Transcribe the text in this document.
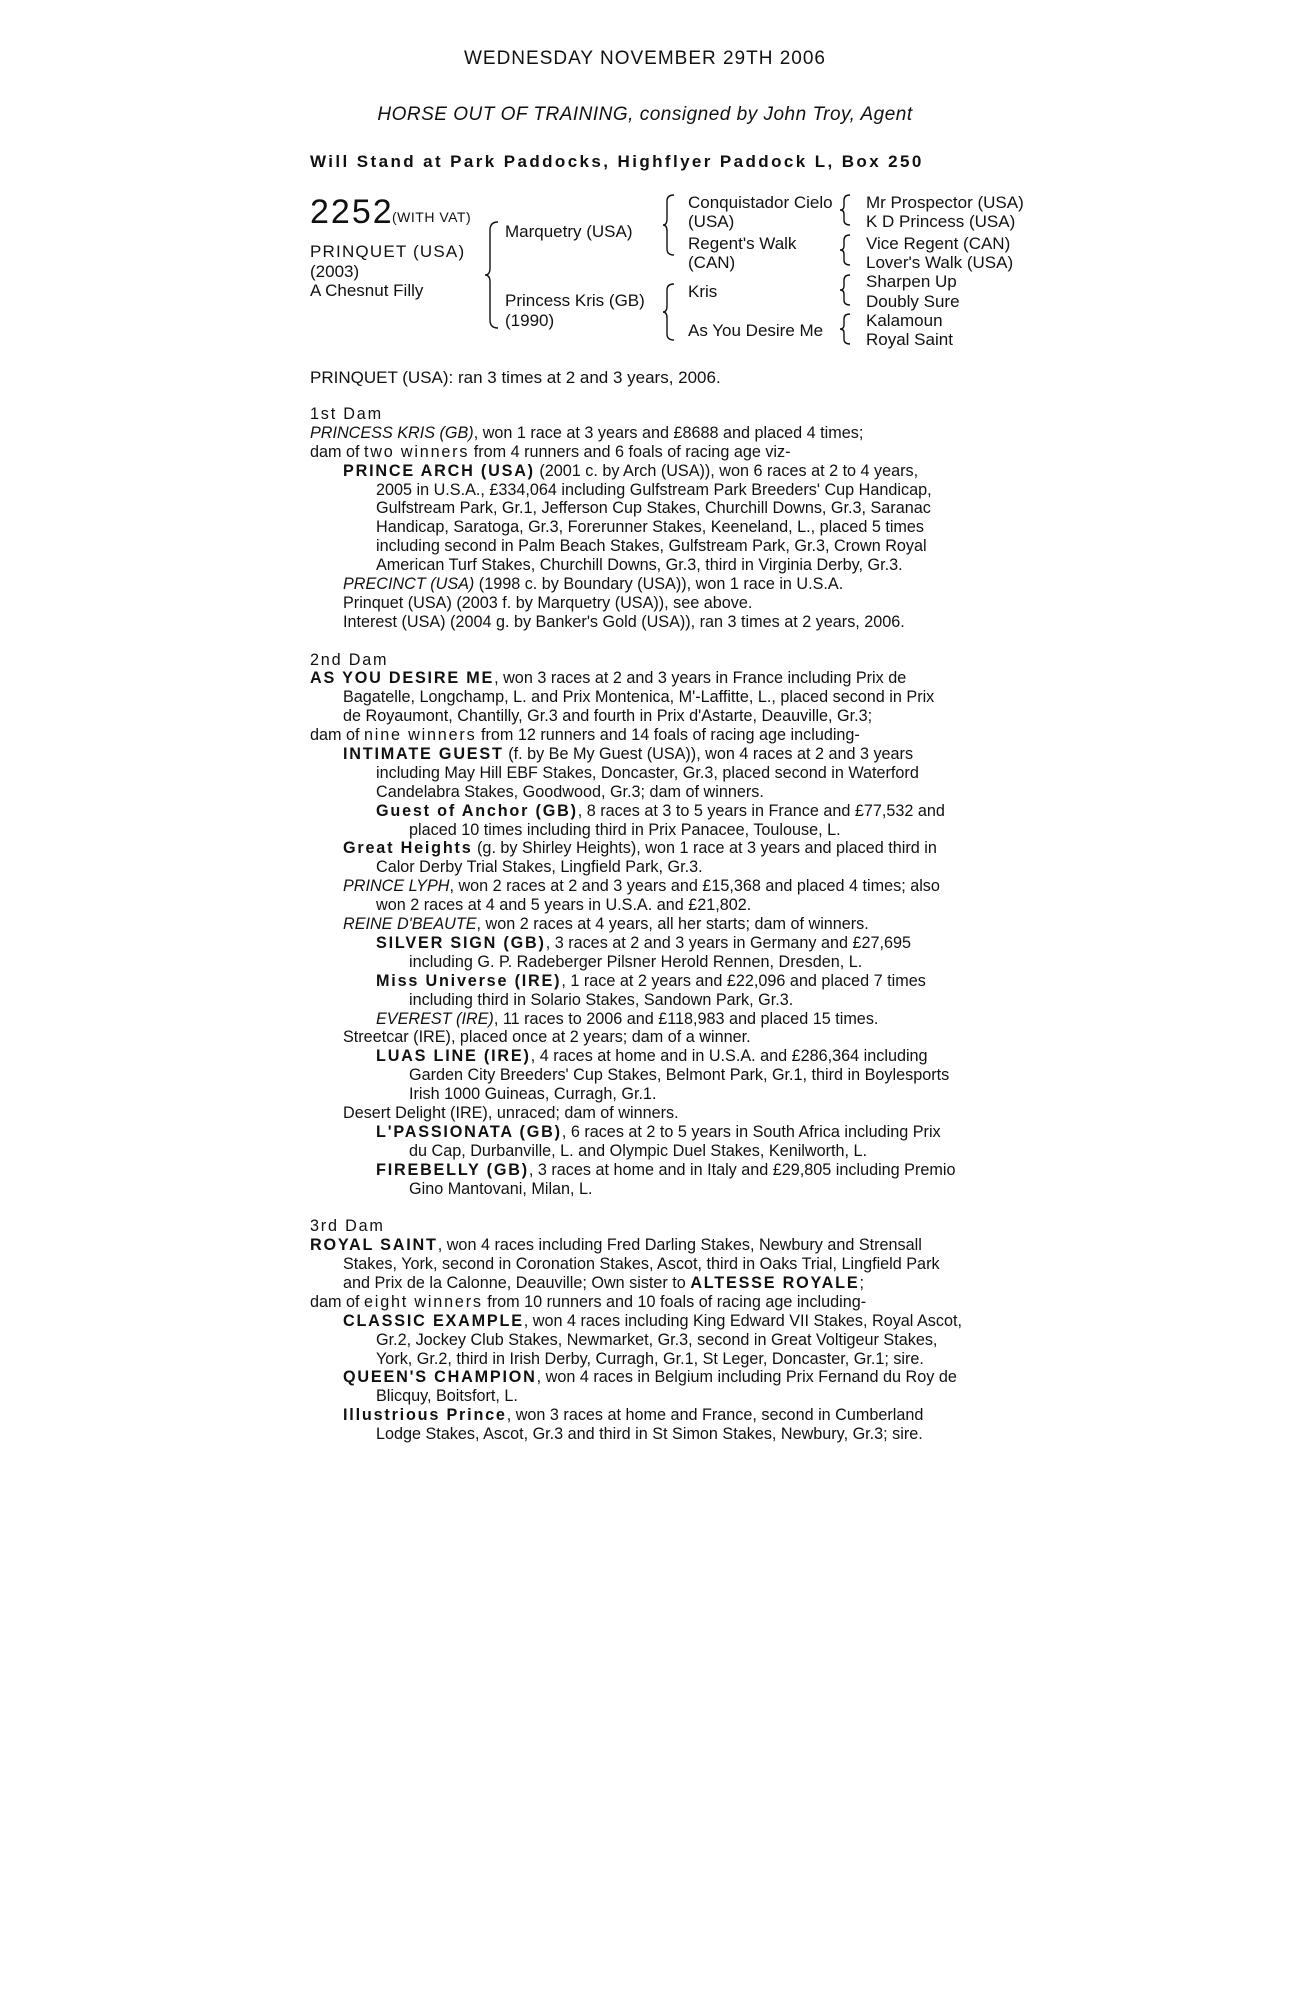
WEDNESDAY NOVEMBER 29TH 2006
HORSE OUT OF TRAINING, consigned by John Troy, Agent
Will Stand at Park Paddocks, Highflyer Paddock L, Box 250
2252
(WITH VAT)
PRINQUET (USA)
(2003)
A Chesnut Filly
Marquetry (USA)
Princess Kris (GB)
(1990)
Conquistador Cielo
(USA)
Regent's Walk
(CAN)
Kris
As You Desire Me
Mr Prospector (USA)
K D Princess (USA)
Vice Regent (CAN)
Lover's Walk (USA)
Sharpen Up
Doubly Sure
Kalamoun
Royal Saint
PRINQUET (USA): ran 3 times at 2 and 3 years, 2006.
1st Dam
PRINCESS KRIS (GB), won 1 race at 3 years and £8688 and placed 4 times;
dam of two winners from 4 runners and 6 foals of racing age viz-
PRINCE ARCH (USA) (2001 c. by Arch (USA)), won 6 races at 2 to 4 years,
2005 in U.S.A., £334,064 including Gulfstream Park Breeders' Cup Handicap,
Gulfstream Park, Gr.1, Jefferson Cup Stakes, Churchill Downs, Gr.3, Saranac
Handicap, Saratoga, Gr.3, Forerunner Stakes, Keeneland, L., placed 5 times
including second in Palm Beach Stakes, Gulfstream Park, Gr.3, Crown Royal
American Turf Stakes, Churchill Downs, Gr.3, third in Virginia Derby, Gr.3.
PRECINCT (USA) (1998 c. by Boundary (USA)), won 1 race in U.S.A.
Prinquet (USA) (2003 f. by Marquetry (USA)), see above.
Interest (USA) (2004 g. by Banker's Gold (USA)), ran 3 times at 2 years, 2006.
2nd Dam
AS YOU DESIRE ME, won 3 races at 2 and 3 years in France including Prix de
Bagatelle, Longchamp, L. and Prix Montenica, M'-Laffitte, L., placed second in Prix
de Royaumont, Chantilly, Gr.3 and fourth in Prix d'Astarte, Deauville, Gr.3;
dam of nine winners from 12 runners and 14 foals of racing age including-
INTIMATE GUEST (f. by Be My Guest (USA)), won 4 races at 2 and 3 years
including May Hill EBF Stakes, Doncaster, Gr.3, placed second in Waterford
Candelabra Stakes, Goodwood, Gr.3; dam of winners.
Guest of Anchor (GB), 8 races at 3 to 5 years in France and £77,532 and
placed 10 times including third in Prix Panacee, Toulouse, L.
Great Heights (g. by Shirley Heights), won 1 race at 3 years and placed third in
Calor Derby Trial Stakes, Lingfield Park, Gr.3.
PRINCE LYPH, won 2 races at 2 and 3 years and £15,368 and placed 4 times; also
won 2 races at 4 and 5 years in U.S.A. and £21,802.
REINE D'BEAUTE, won 2 races at 4 years, all her starts; dam of winners.
SILVER SIGN (GB), 3 races at 2 and 3 years in Germany and £27,695
including G. P. Radeberger Pilsner Herold Rennen, Dresden, L.
Miss Universe (IRE), 1 race at 2 years and £22,096 and placed 7 times
including third in Solario Stakes, Sandown Park, Gr.3.
EVEREST (IRE), 11 races to 2006 and £118,983 and placed 15 times.
Streetcar (IRE), placed once at 2 years; dam of a winner.
LUAS LINE (IRE), 4 races at home and in U.S.A. and £286,364 including
Garden City Breeders' Cup Stakes, Belmont Park, Gr.1, third in Boylesports
Irish 1000 Guineas, Curragh, Gr.1.
Desert Delight (IRE), unraced; dam of winners.
L'PASSIONATA (GB), 6 races at 2 to 5 years in South Africa including Prix
du Cap, Durbanville, L. and Olympic Duel Stakes, Kenilworth, L.
FIREBELLY (GB), 3 races at home and in Italy and £29,805 including Premio
Gino Mantovani, Milan, L.
3rd Dam
ROYAL SAINT, won 4 races including Fred Darling Stakes, Newbury and Strensall
Stakes, York, second in Coronation Stakes, Ascot, third in Oaks Trial, Lingfield Park
and Prix de la Calonne, Deauville; Own sister to ALTESSE ROYALE;
dam of eight winners from 10 runners and 10 foals of racing age including-
CLASSIC EXAMPLE, won 4 races including King Edward VII Stakes, Royal Ascot,
Gr.2, Jockey Club Stakes, Newmarket, Gr.3, second in Great Voltigeur Stakes,
York, Gr.2, third in Irish Derby, Curragh, Gr.1, St Leger, Doncaster, Gr.1; sire.
QUEEN'S CHAMPION, won 4 races in Belgium including Prix Fernand du Roy de
Blicquy, Boitsfort, L.
Illustrious Prince, won 3 races at home and France, second in Cumberland
Lodge Stakes, Ascot, Gr.3 and third in St Simon Stakes, Newbury, Gr.3; sire.
